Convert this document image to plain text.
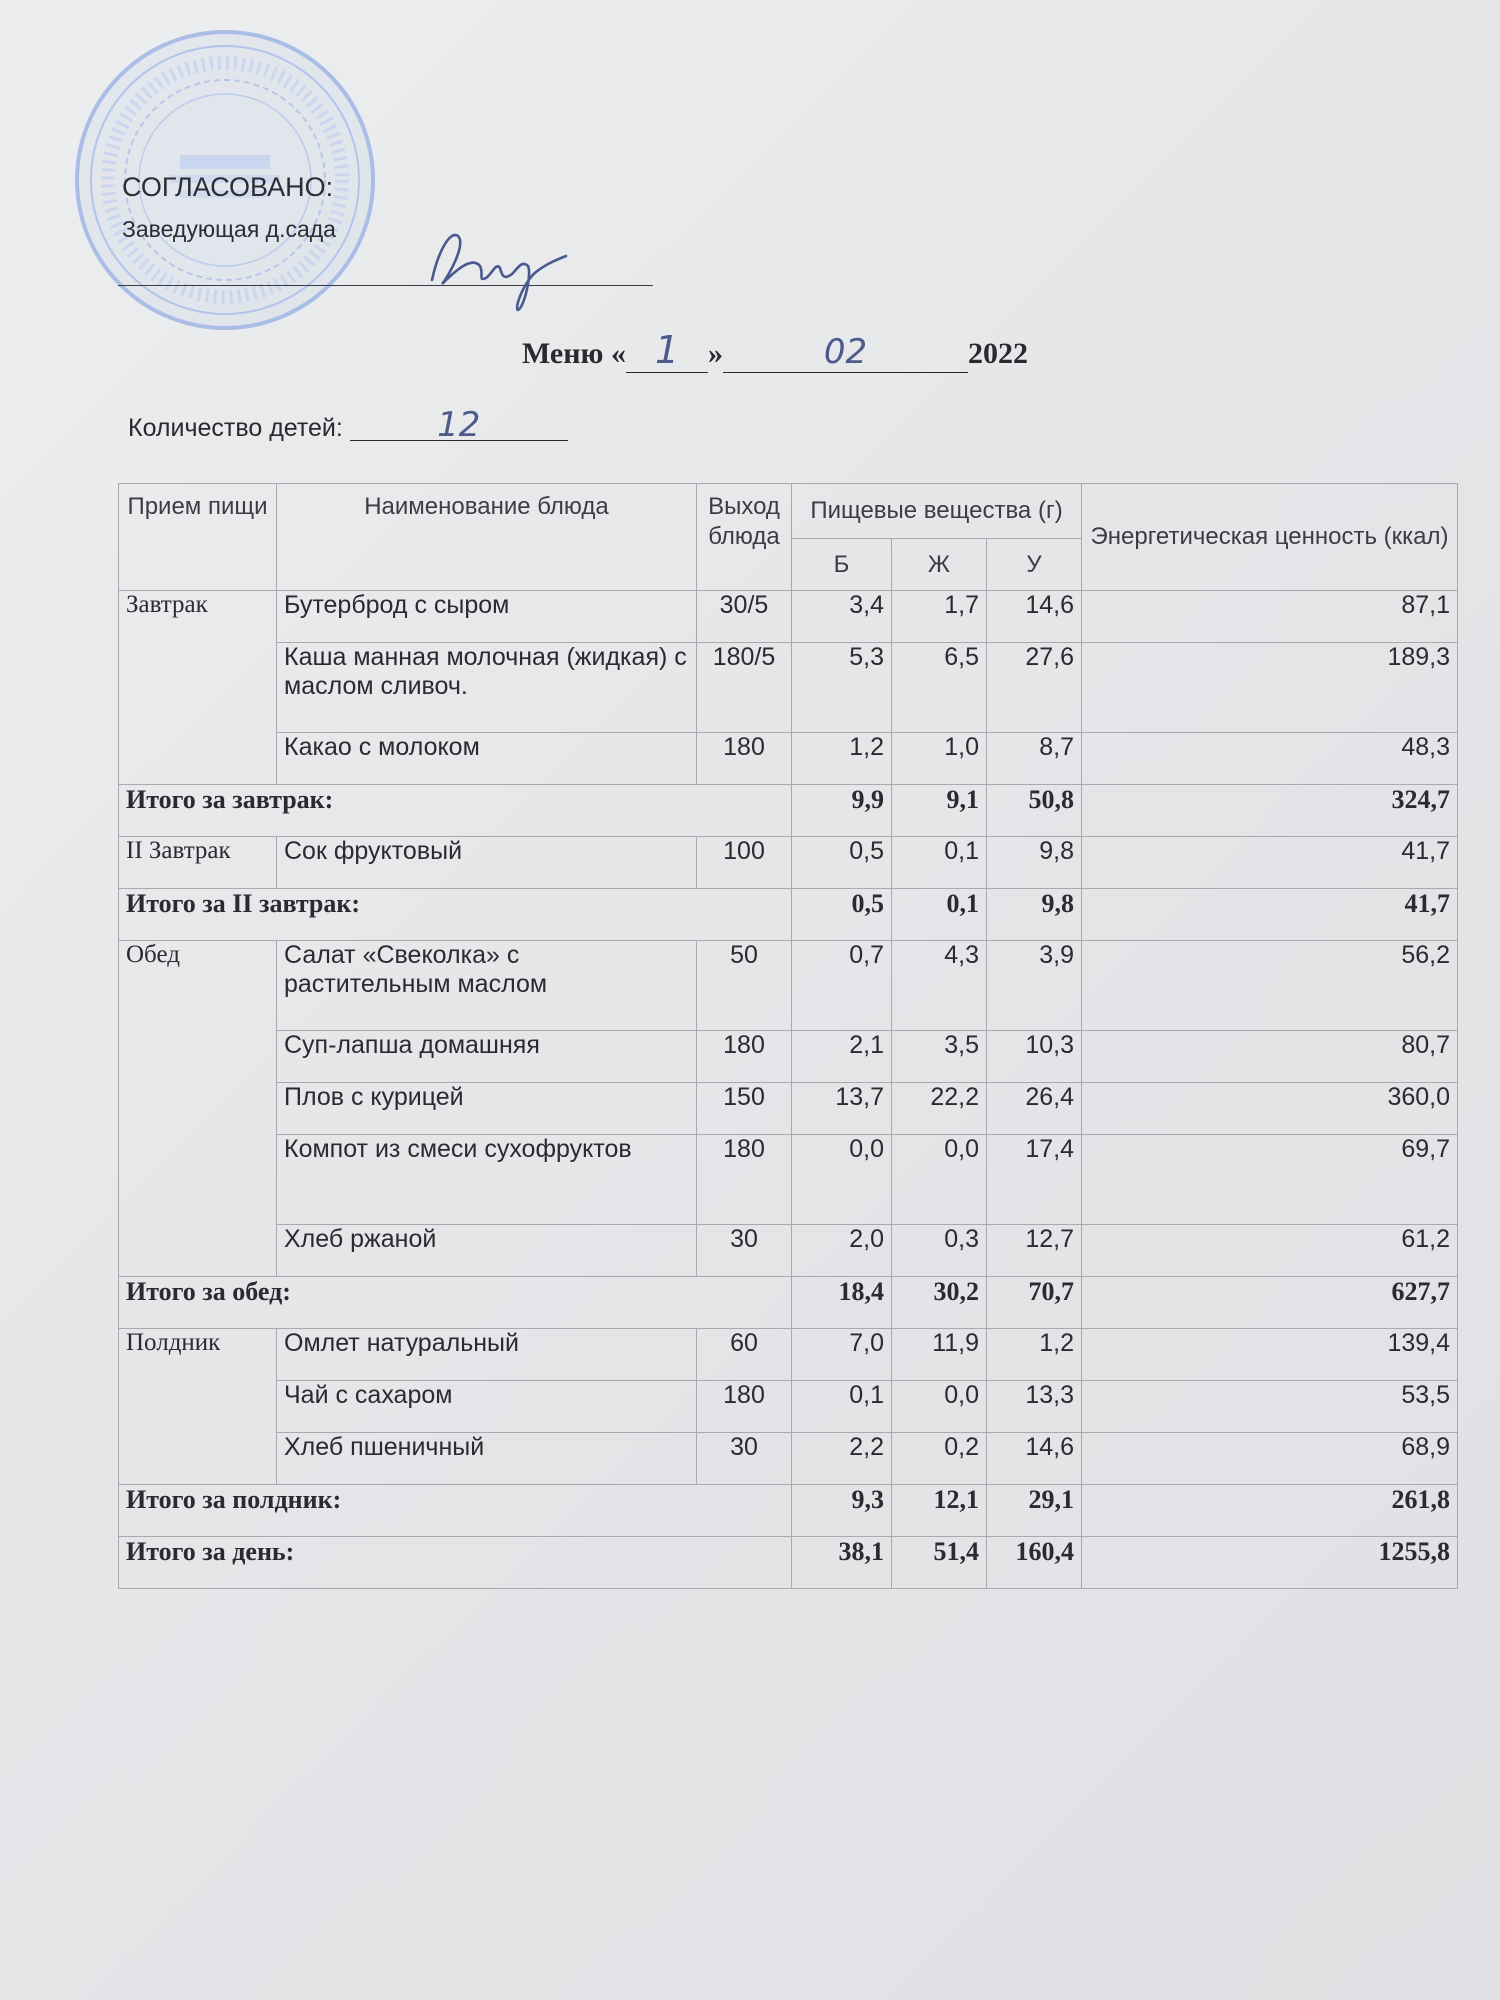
СОГЛАСОВАНО:
Заведующая д.сада
Меню « 1 »	02	2022
Количество детей:	12
Прием пищи	Наименование блюда	Выход блюда	Пищевые вещества (г)			Энергетическая ценность (ккал)
			Б	Ж	У	
Завтрак	Бутерброд с сыром	30/5	3,4	1,7	14,6	87,1
	Каша манная молочная (жидкая) с маслом сливоч.	180/5	5,3	6,5	27,6	189,3
	Какао с молоком	180	1,2	1,0	8,7	48,3
Итого за завтрак:			9,9	9,1	50,8	324,7
II Завтрак	Сок фруктовый	100	0,5	0,1	9,8	41,7
Итого за II завтрак:			0,5	0,1	9,8	41,7
Обед	Салат «Свеколка» с растительным маслом	50	0,7	4,3	3,9	56,2
	Суп-лапша домашняя	180	2,1	3,5	10,3	80,7
	Плов с курицей	150	13,7	22,2	26,4	360,0
	Компот из смеси сухофруктов	180	0,0	0,0	17,4	69,7
	Хлеб ржаной	30	2,0	0,3	12,7	61,2
Итого за обед:			18,4	30,2	70,7	627,7
Полдник	Омлет натуральный	60	7,0	11,9	1,2	139,4
	Чай с сахаром	180	0,1	0,0	13,3	53,5
	Хлеб пшеничный	30	2,2	0,2	14,6	68,9
Итого за полдник:			9,3	12,1	29,1	261,8
Итого за день:			38,1	51,4	160,4	1255,8
